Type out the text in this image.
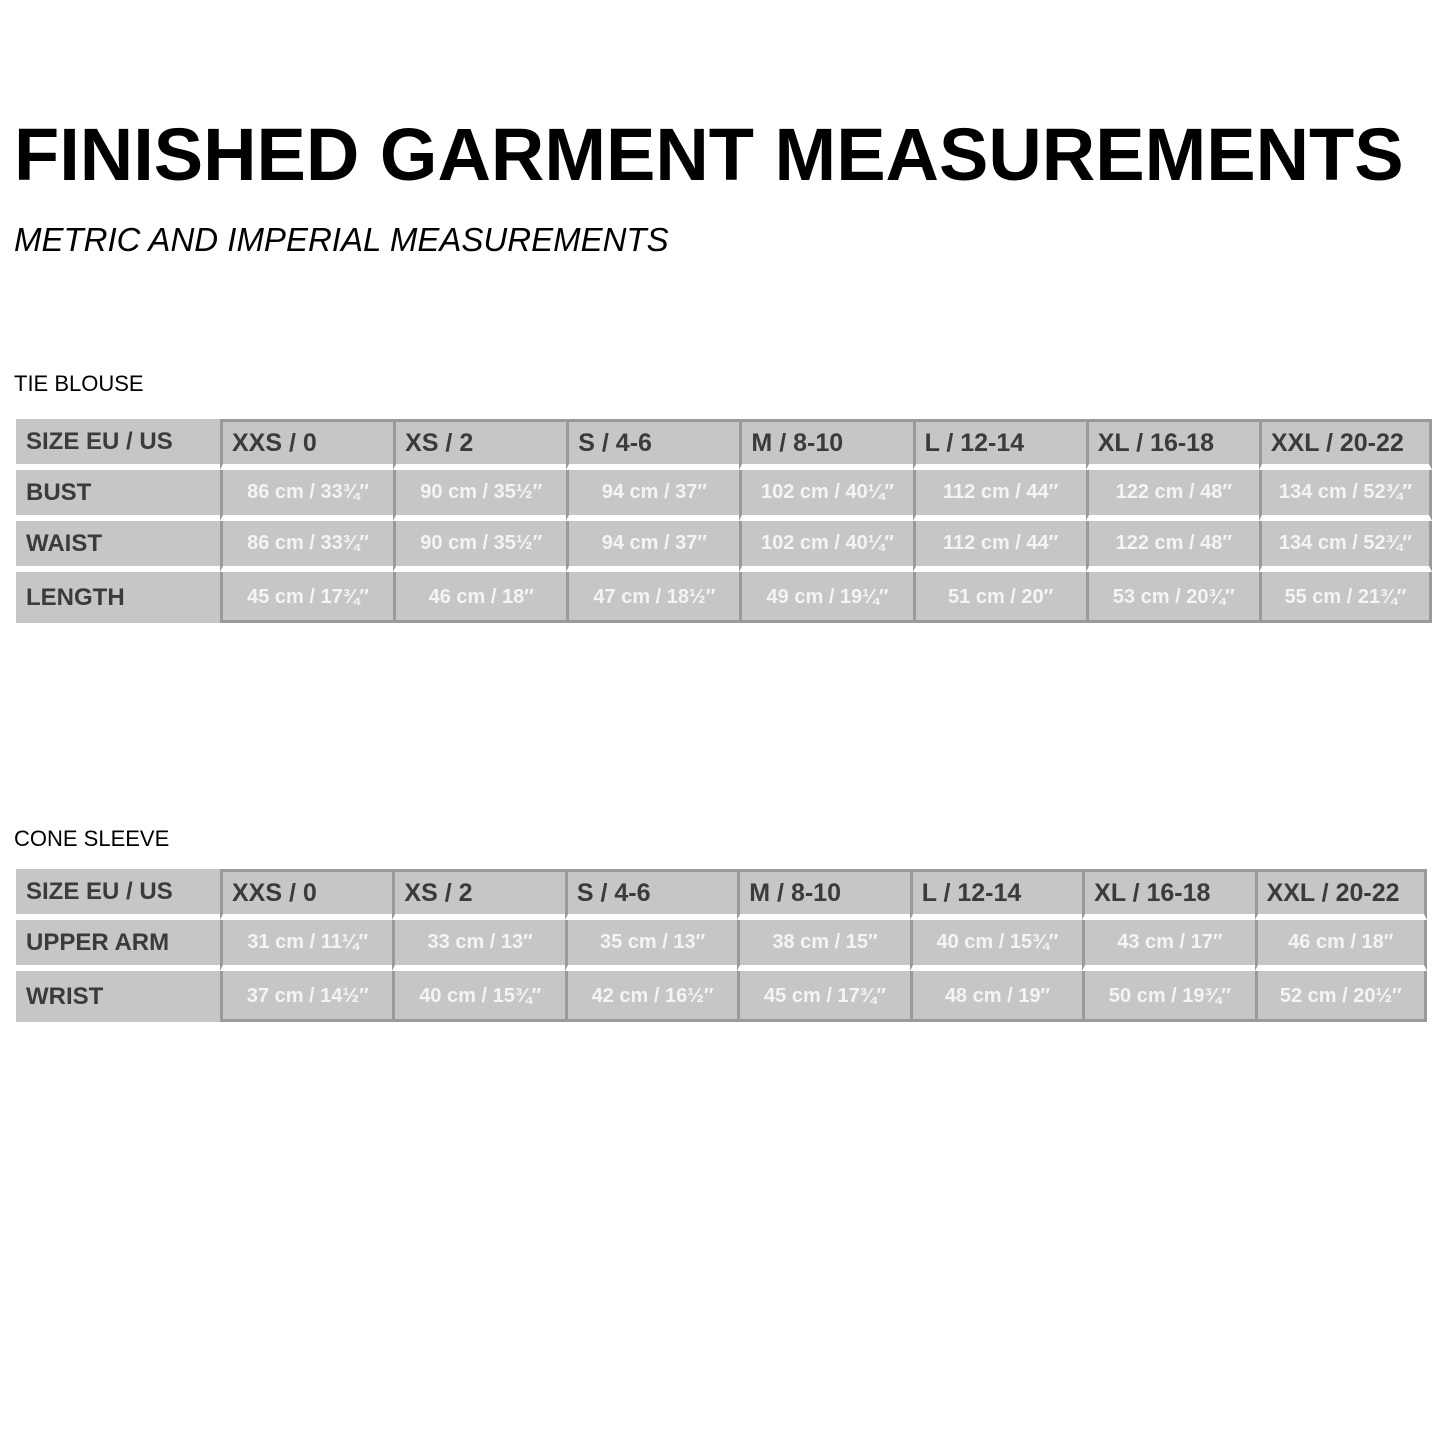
FINISHED GARMENT MEASUREMENTS
METRIC AND IMPERIAL MEASUREMENTS
TIE BLOUSE
SIZE EU / US	XXS / 0	XS / 2	S / 4-6	M / 8-10	L / 12-14	XL / 16-18	XXL / 20-22
BUST	86 cm / 33¾″	90 cm / 35½″	94 cm / 37″	102 cm / 40¼″	112 cm / 44″	122 cm / 48″	134 cm / 52¾″
WAIST	86 cm / 33¾″	90 cm / 35½″	94 cm / 37″	102 cm / 40¼″	112 cm / 44″	122 cm / 48″	134 cm / 52¾″
LENGTH	45 cm / 17¾″	46 cm / 18″	47 cm / 18½″	49 cm / 19¼″	51 cm / 20″	53 cm / 20¾″	55 cm / 21¾″
CONE SLEEVE
SIZE EU / US	XXS / 0	XS / 2	S / 4-6	M / 8-10	L / 12-14	XL / 16-18	XXL / 20-22
UPPER ARM	31 cm / 11¼″	33 cm / 13″	35 cm / 13″	38 cm / 15″	40 cm / 15¾″	43 cm / 17″	46 cm / 18″
WRIST	37 cm / 14½″	40 cm / 15¾″	42 cm / 16½″	45 cm / 17¾″	48 cm / 19″	50 cm / 19¾″	52 cm / 20½″
